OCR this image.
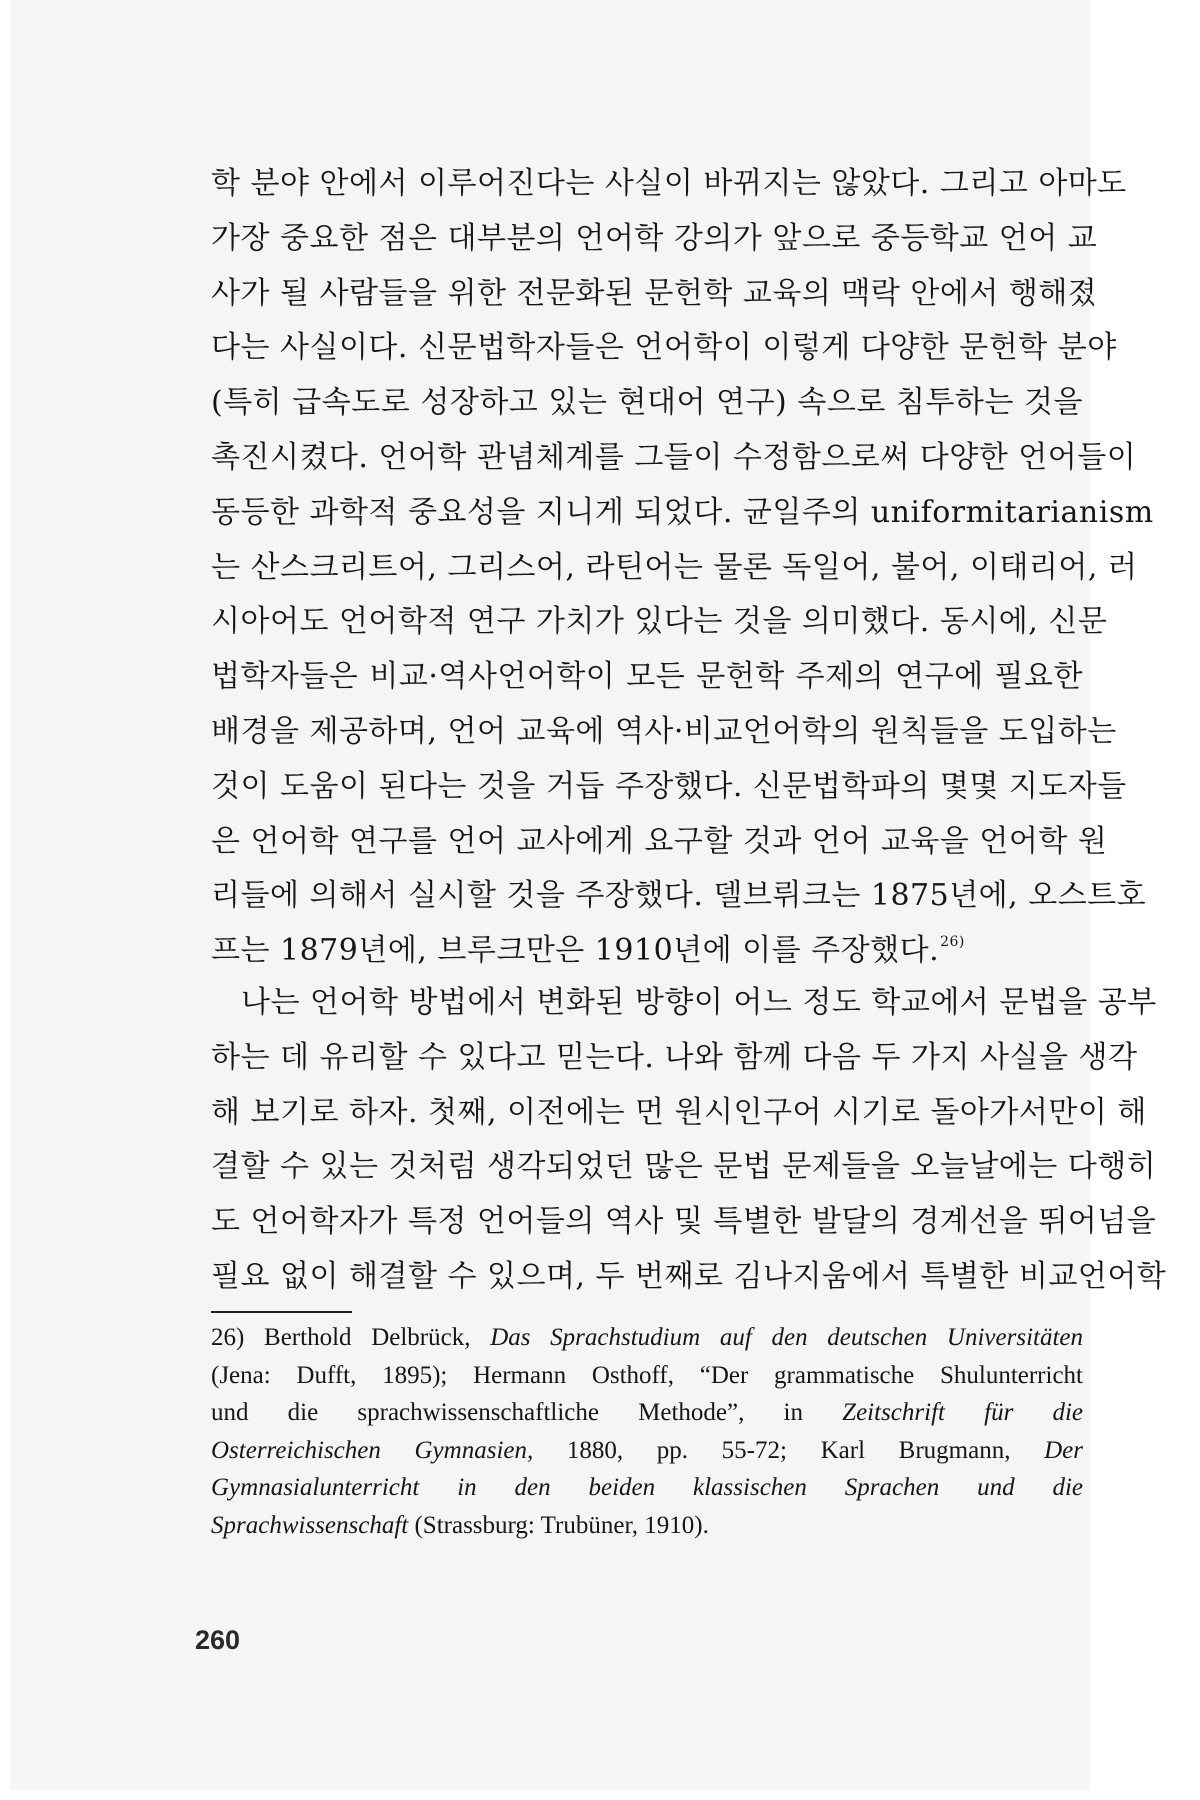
학 분야 안에서 이루어진다는 사실이 바뀌지는 않았다. 그리고 아마도
가장 중요한 점은 대부분의 언어학 강의가 앞으로 중등학교 언어 교
사가 될 사람들을 위한 전문화된 문헌학 교육의 맥락 안에서 행해졌
다는 사실이다. 신문법학자들은 언어학이 이렇게 다양한 문헌학 분야
(특히 급속도로 성장하고 있는 현대어 연구) 속으로 침투하는 것을
촉진시켰다. 언어학 관념체계를 그들이 수정함으로써 다양한 언어들이
동등한 과학적 중요성을 지니게 되었다. 균일주의 uniformitarianism
는 산스크리트어, 그리스어, 라틴어는 물론 독일어, 불어, 이태리어, 러
시아어도 언어학적 연구 가치가 있다는 것을 의미했다. 동시에, 신문
법학자들은 비교·역사언어학이 모든 문헌학 주제의 연구에 필요한
배경을 제공하며, 언어 교육에 역사·비교언어학의 원칙들을 도입하는
것이 도움이 된다는 것을 거듭 주장했다. 신문법학파의 몇몇 지도자들
은 언어학 연구를 언어 교사에게 요구할 것과 언어 교육을 언어학 원
리들에 의해서 실시할 것을 주장했다. 델브뤼크는 1875년에, 오스트호
프는 1879년에, 브루크만은 1910년에 이를 주장했다.$^{26)}$
나는 언어학 방법에서 변화된 방향이 어느 정도 학교에서 문법을 공부
하는 데 유리할 수 있다고 믿는다. 나와 함께 다음 두 가지 사실을 생각
해 보기로 하자. 첫째, 이전에는 먼 원시인구어 시기로 돌아가서만이 해
결할 수 있는 것처럼 생각되었던 많은 문법 문제들을 오늘날에는 다행히
도 언어학자가 특정 언어들의 역사 및 특별한 발달의 경계선을 뛰어넘을
필요 없이 해결할 수 있으며, 두 번째로 김나지움에서 특별한 비교언어학
26) Berthold Delbrück, Das Sprachstudium auf den deutschen Universitäten
(Jena: Dufft, 1895); Hermann Osthoff, “Der grammatische Shulunterricht
und die sprachwissenschaftliche Methode”, in Zeitschrift für die
Osterreichischen Gymnasien, 1880, pp. 55-72; Karl Brugmann, Der
Gymnasialunterricht in den beiden klassischen Sprachen und die
Sprachwissenschaft (Strassburg: Trubüner, 1910).
260
